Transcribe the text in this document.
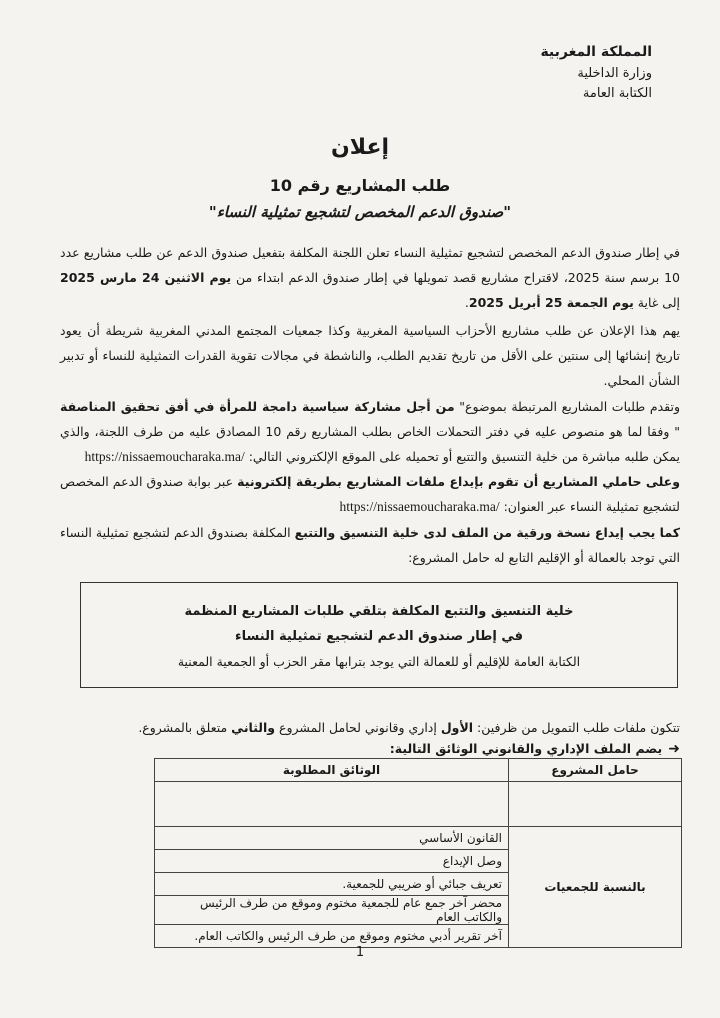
المملكة المغربية
وزارة الداخلية
الكتابة العامة
إعلان
طلب المشاريع رقم 10
"صندوق الدعم المخصص لتشجيع تمثيلية النساء"
في إطار صندوق الدعم المخصص لتشجيع تمثيلية النساء تعلن اللجنة المكلفة بتفعيل صندوق الدعم عن طلب مشاريع عدد 10 برسم سنة 2025، لاقتراح مشاريع قصد تمويلها في إطار صندوق الدعم ابتداء من يوم الاثنين 24 مارس 2025 إلى غاية يوم الجمعة 25 أبريل 2025.
يهم هذا الإعلان عن طلب مشاريع الأحزاب السياسية المغربية وكذا جمعيات المجتمع المدني المغربية شريطة أن يعود تاريخ إنشائها إلى سنتين على الأقل من تاريخ تقديم الطلب، والناشطة في مجالات تقوية القدرات التمثيلية للنساء أو تدبير الشأن المحلي.
وتقدم طلبات المشاريع المرتبطة بموضوع" من أجل مشاركة سياسية دامجة للمرأة في أفق تحقيق المناصفة " وفقا لما هو منصوص عليه في دفتر التحملات الخاص بطلب المشاريع رقم 10 المصادق عليه من طرف اللجنة، والذي يمكن طلبه مباشرة من خلية التنسيق والتتبع أو تحميله على الموقع الإلكتروني التالي: https://nissaemoucharaka.ma/
وعلى حاملي المشاريع أن تقوم بإيداع ملفات المشاريع بطريقة إلكترونية عبر بوابة صندوق الدعم المخصص لتشجيع تمثيلية النساء عبر العنوان: https://nissaemoucharaka.ma/
كما يجب إيداع نسخة ورقية من الملف لدى خلية التنسيق والتتبع المكلفة بصندوق الدعم لتشجيع تمثيلية النساء التي توجد بالعمالة أو الإقليم التابع له حامل المشروع:
خلية التنسيق والتتبع المكلفة بتلقي طلبات المشاريع المنظمة
في إطار صندوق الدعم لتشجيع تمثيلية النساء
الكتابة العامة للإقليم أو للعمالة التي يوجد بترابها مقر الحزب أو الجمعية المعنية
تتكون ملفات طلب التمويل من ظرفين: الأول إداري وقانوني لحامل المشروع والثاني متعلق بالمشروع.
➜يضم الملف الإداري والقانوني الوثائق التالية:
حامل المشروع	الوثائق المطلوبة

بالنسبة للجمعيات	القانون الأساسي
	وصل الإيداع
	تعريف جبائي أو ضريبي للجمعية.
	محضر آخر جمع عام للجمعية مختوم وموقع من طرف الرئيس والكاتب العام
	آخر تقرير أدبي مختوم وموقع من طرف الرئيس والكاتب العام.
1
